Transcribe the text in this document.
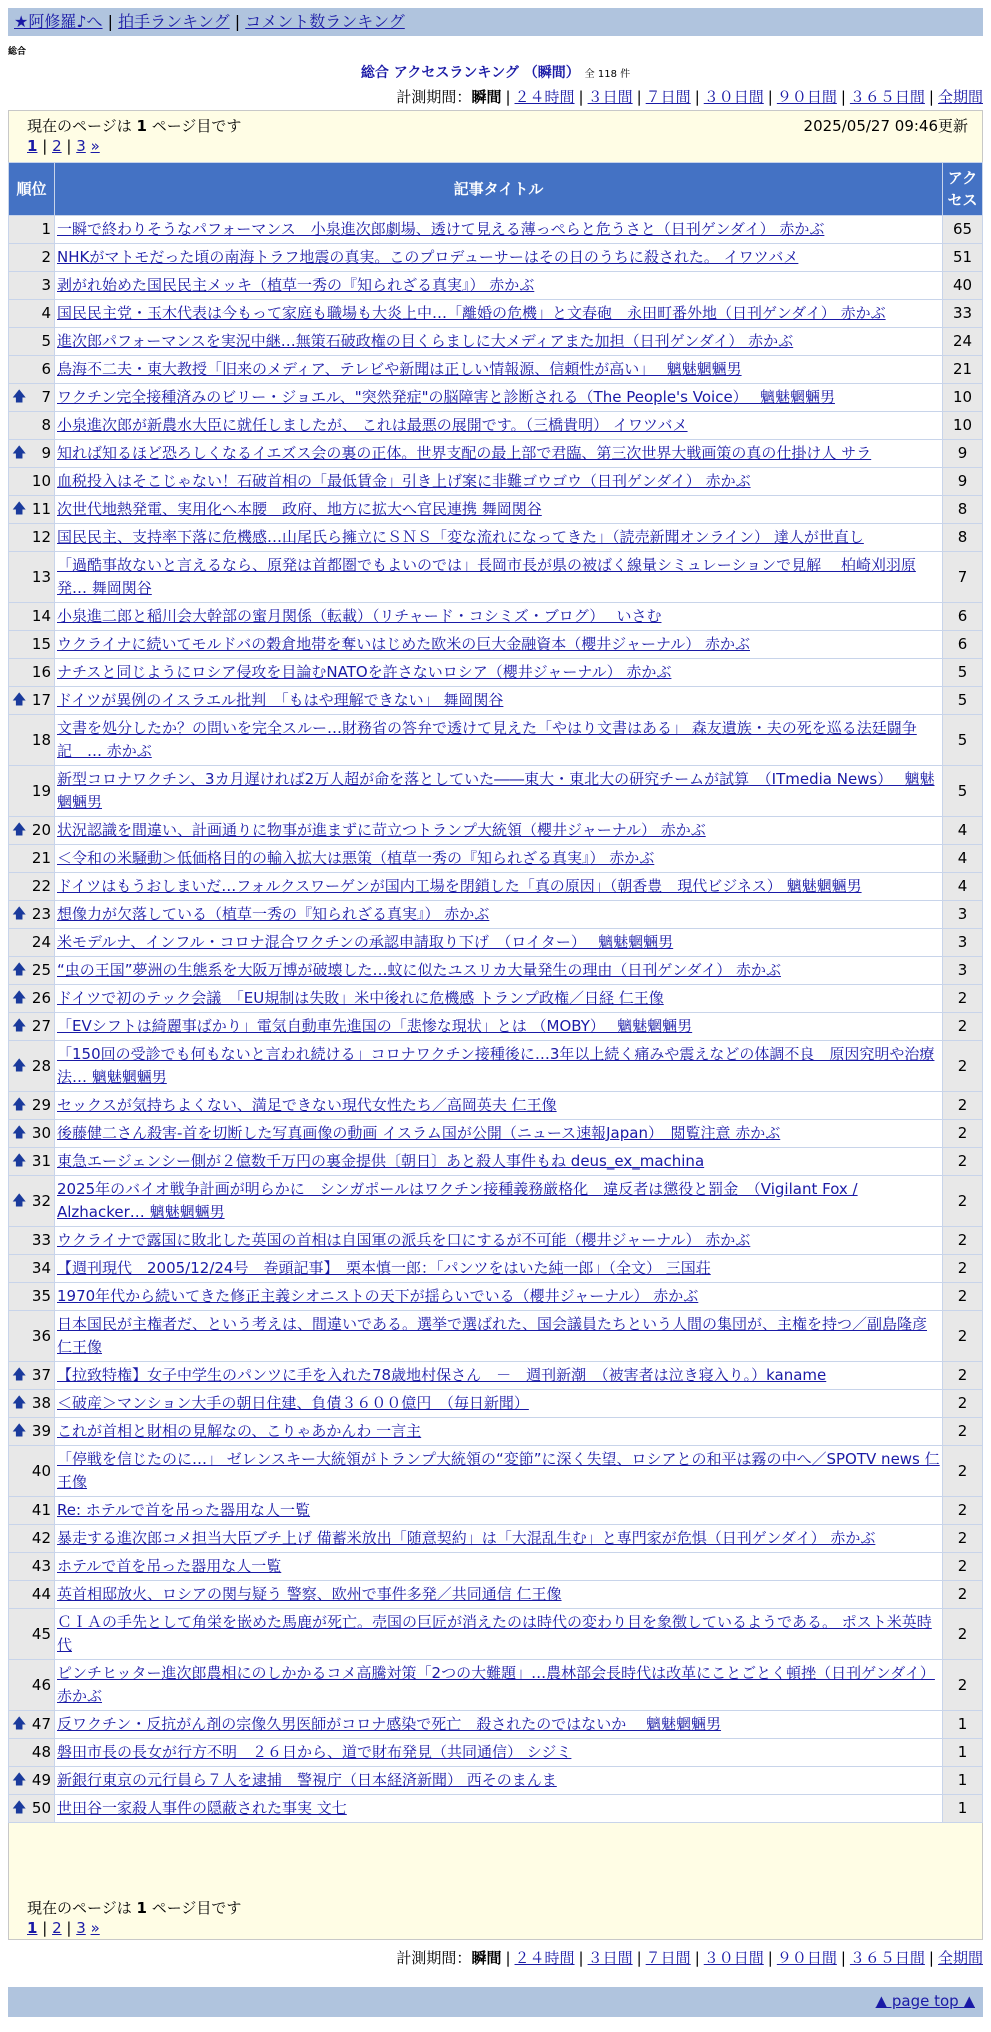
★阿修羅♪へ | 拍手ランキング | コメント数ランキング
総合
総合 アクセスランキング （瞬間） 全 118 件
計測期間：瞬間 | ２４時間 | ３日間 | ７日間 | ３０日間 | ９０日間 | ３６５日間 | 全期間
現在のページは 1 ページ目です	2025/05/27 09:46更新
1 | 2 | 3 »
現在のページは 1 ページ目です
1 | 2 | 3 »
順位	記事タイトル	アクセス
1	一瞬で終わりそうなパフォーマンス　小泉進次郎劇場、透けて見える薄っぺらと危うさと（日刊ゲンダイ） 赤かぶ	65
2	NHKがマトモだった頃の南海トラフ地震の真実。このプロデューサーはその日のうちに殺された。 イワツバメ	51
3	剥がれ始めた国民民主メッキ（植草一秀の『知られざる真実』） 赤かぶ	40
4	国民民主党・玉木代表は今もって家庭も職場も大炎上中…「離婚の危機」と文春砲　永田町番外地（日刊ゲンダイ） 赤かぶ	33
5	進次郎パフォーマンスを実況中継…無策石破政権の目くらましに大メディアまた加担（日刊ゲンダイ） 赤かぶ	24
6	鳥海不二夫・東大教授「旧来のメディア、テレビや新聞は正しい情報源、信頼性が高い」　 魑魅魍魎男	21

🡅 7	ワクチン完全接種済みのビリー・ジョエル、"突然発症"の脳障害と診断される（The People's Voice）　 魑魅魍魎男	10
8	小泉進次郎が新農水大臣に就任しましたが、 これは最悪の展開です。（三橋貴明） イワツバメ	10

🡅 9	知れば知るほど恐ろしくなるイエズス会の裏の正体。世界支配の最上部で君臨、第三次世界大戦画策の真の仕掛け人 サラ	9
10	血税投入はそこじゃない！石破首相の「最低賃金」引き上げ案に非難ゴウゴウ（日刊ゲンダイ） 赤かぶ	9

🡅 11	次世代地熱発電、実用化へ本腰　政府、地方に拡大へ官民連携 舞岡関谷	8
12	国民民主、支持率下落に危機感…山尾氏ら擁立にＳＮＳ「変な流れになってきた」（読売新聞オンライン） 達人が世直し	8
13	「過酷事故ないと言えるなら、原発は首都圏でもよいのでは」長岡市長が県の被ばく線量シミュレーションで見解　 柏崎刈羽原発… 舞岡関谷	7
14	小泉進二郎と稲川会大幹部の蜜月関係（転載）（リチャード・コシミズ・ブログ）　 いさむ	6
15	ウクライナに続いてモルドバの穀倉地帯を奪いはじめた欧米の巨大金融資本（櫻井ジャーナル） 赤かぶ	6
16	ナチスと同じようにロシア侵攻を目論むNATOを許さないロシア（櫻井ジャーナル） 赤かぶ	5

🡅 17	ドイツが異例のイスラエル批判　「もはや理解できない」 舞岡関谷	5
18	文書を処分したか？の問いを完全スルー…財務省の答弁で透けて見えた「やはり文書はある」 森友遺族・夫の死を巡る法廷闘争記　… 赤かぶ	5
19	新型コロナワクチン、3カ月遅ければ2万人超が命を落としていた――東大・東北大の研究チームが試算　（ITmedia News）　 魑魅魍魎男	5

🡅 20	状況認識を間違い、計画通りに物事が進まずに苛立つトランプ大統領（櫻井ジャーナル） 赤かぶ	4
21	＜令和の米騒動＞低価格目的の輸入拡大は悪策（植草一秀の『知られざる真実』） 赤かぶ	4
22	ドイツはもうおしまいだ…フォルクスワーゲンが国内工場を閉鎖した「真の原因」（朝香豊　現代ビジネス） 魑魅魍魎男	4

🡅 23	想像力が欠落している（植草一秀の『知られざる真実』） 赤かぶ	3
24	米モデルナ、インフル・コロナ混合ワクチンの承認申請取り下げ　（ロイター）　 魑魅魍魎男	3

🡅 25	“虫の王国”夢洲の生態系を大阪万博が破壊した…蚊に似たユスリカ大量発生の理由（日刊ゲンダイ） 赤かぶ	3

🡅 26	ドイツで初のテック会議　「EU規制は失敗」米中後れに危機感 トランプ政権／日経 仁王像	2

🡅 27	「EVシフトは綺麗事ばかり」電気自動車先進国の「悲惨な現状」とは （MOBY）　 魑魅魍魎男	2

🡅 28	「150回の受診でも何もないと言われ続ける」コロナワクチン接種後に…3年以上続く痛みや震えなどの体調不良　原因究明や治療法… 魑魅魍魎男	2

🡅 29	セックスが気持ちよくない、満足できない現代女性たち／高岡英夫 仁王像	2

🡅 30	後藤健二さん殺害-首を切断した写真画像の動画 イスラム国が公開（ニュース速報Japan）　閲覧注意 赤かぶ	2

🡅 31	東急エージェンシー側が２億数千万円の裏金提供〔朝日〕あと殺人事件もね deus_ex_machina	2

🡅 32	2025年のバイオ戦争計画が明らかに　シンガポールはワクチン接種義務厳格化　違反者は懲役と罰金　（Vigilant Fox / Alzhacker… 魑魅魍魎男	2
33	ウクライナで露国に敗北した英国の首相は自国軍の派兵を口にするが不可能（櫻井ジャーナル） 赤かぶ	2
34	【週刊現代　2005/12/24号　巻頭記事】　栗本慎一郎：「パンツをはいた純一郎」（全文） 三国荘	2
35	1970年代から続いてきた修正主義シオニストの天下が揺らいでいる（櫻井ジャーナル） 赤かぶ	2
36	日本国民が主権者だ、という考えは、間違いである。選挙で選ばれた、国会議員たちという人間の集団が、主権を持つ／副島隆彦 仁王像	2

🡅 37	【拉致特権】女子中学生のパンツに手を入れた78歳地村保さん　－　週刊新潮　（被害者は泣き寝入り。）kaname	2

🡅 38	＜破産＞マンション大手の朝日住建、負債３６００億円　（毎日新聞）	2

🡅 39	これが首相と財相の見解なの、こりゃあかんわ 一言主	2
40	「停戦を信じたのに…」 ゼレンスキー大統領がトランプ大統領の“変節”に深く失望、ロシアとの和平は霧の中へ／SPOTV news 仁王像	2
41	Re: ホテルで首を吊った器用な人一覧	2
42	暴走する進次郎コメ担当大臣ブチ上げ 備蓄米放出「随意契約」は「大混乱生む」と専門家が危惧（日刊ゲンダイ） 赤かぶ	2
43	ホテルで首を吊った器用な人一覧	2
44	英首相邸放火、ロシアの関与疑う 警察、欧州で事件多発／共同通信 仁王像	2
45	ＣＩＡの手先として角栄を嵌めた馬鹿が死亡。売国の巨匠が消えたのは時代の変わり目を象徴しているようである。 ポスト米英時代	2
46	ピンチヒッター進次郎農相にのしかかるコメ高騰対策「2つの大難題」…農林部会長時代は改革にことごとく頓挫（日刊ゲンダイ） 赤かぶ	2

🡅 47	反ワクチン・反抗がん剤の宗像久男医師がコロナ感染で死亡　殺されたのではないか　 魑魅魍魎男	1
48	磐田市長の長女が行方不明　２６日から、道で財布発見（共同通信） シジミ	1

🡅 49	新銀行東京の元行員ら７人を逮捕　警視庁（日本経済新聞） 西そのまんま	1

🡅 50	世田谷一家殺人事件の隠蔽された事実 文七	1
計測期間：瞬間 | ２４時間 | ３日間 | ７日間 | ３０日間 | ９０日間 | ３６５日間 | 全期間
▲ page top ▲
